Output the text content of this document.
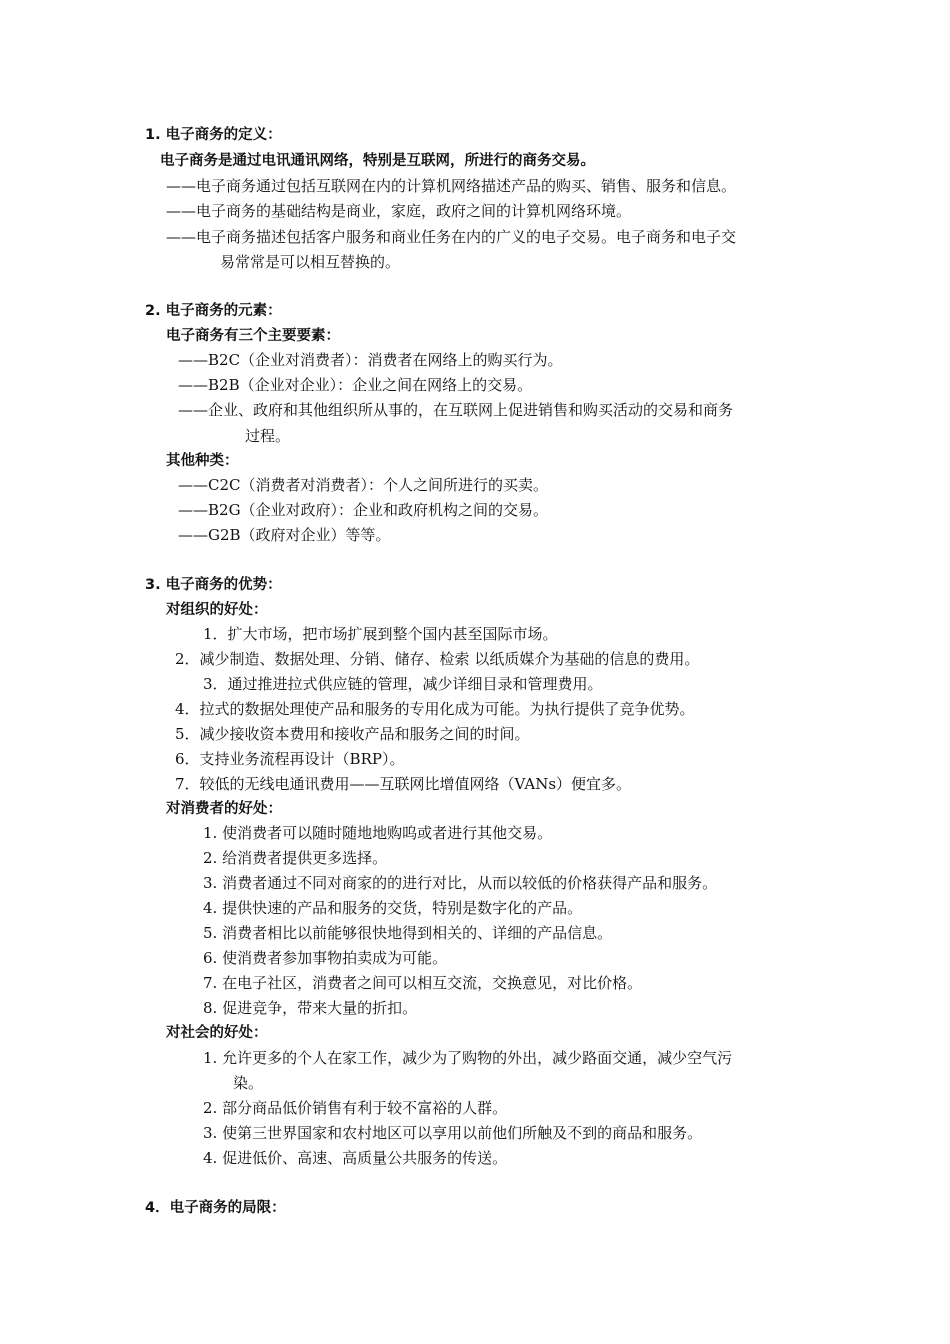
1. 电子商务的定义：
电子商务是通过电讯通讯网络，特别是互联网，所进行的商务交易。
——电子商务通过包括互联网在内的计算机网络描述产品的购买、销售、服务和信息。
——电子商务的基础结构是商业，家庭，政府之间的计算机网络环境。
——电子商务描述包括客户服务和商业任务在内的广义的电子交易。电子商务和电子交
易常常是可以相互替换的。
2. 电子商务的元素：
电子商务有三个主要要素：
——B2C（企业对消费者）：消费者在网络上的购买行为。
——B2B（企业对企业）：企业之间在网络上的交易。
——企业、政府和其他组织所从事的，在互联网上促进销售和购买活动的交易和商务
过程。
其他种类：
——C2C（消费者对消费者）：个人之间所进行的买卖。
——B2G（企业对政府）：企业和政府机构之间的交易。
——G2B（政府对企业）等等。
3. 电子商务的优势：
对组织的好处：
1．扩大市场，把市场扩展到整个国内甚至国际市场。
2．减少制造、数据处理、分销、储存、检索 以纸质媒介为基础的信息的费用。
3．通过推进拉式供应链的管理，减少详细目录和管理费用。
4．拉式的数据处理使产品和服务的专用化成为可能。为执行提供了竞争优势。
5．减少接收资本费用和接收产品和服务之间的时间。
6．支持业务流程再设计（BRP）。
7．较低的无线电通讯费用——互联网比增值网络（VANs）便宜多。
对消费者的好处：
1. 使消费者可以随时随地地购呜或者进行其他交易。
2. 给消费者提供更多选择。
3. 消费者通过不同对商家的的进行对比，从而以较低的价格获得产品和服务。
4. 提供快速的产品和服务的交货，特别是数字化的产品。
5. 消费者相比以前能够很快地得到相关的、详细的产品信息。
6. 使消费者参加事物拍卖成为可能。
7. 在电子社区，消费者之间可以相互交流，交换意见，对比价格。
8. 促进竞争，带来大量的折扣。
对社会的好处：
1. 允许更多的个人在家工作，减少为了购物的外出，减少路面交通，减少空气污
染。
2. 部分商品低价销售有利于较不富裕的人群。
3. 使第三世界国家和农村地区可以享用以前他们所触及不到的商品和服务。
4. 促进低价、高速、高质量公共服务的传送。
4．电子商务的局限：
